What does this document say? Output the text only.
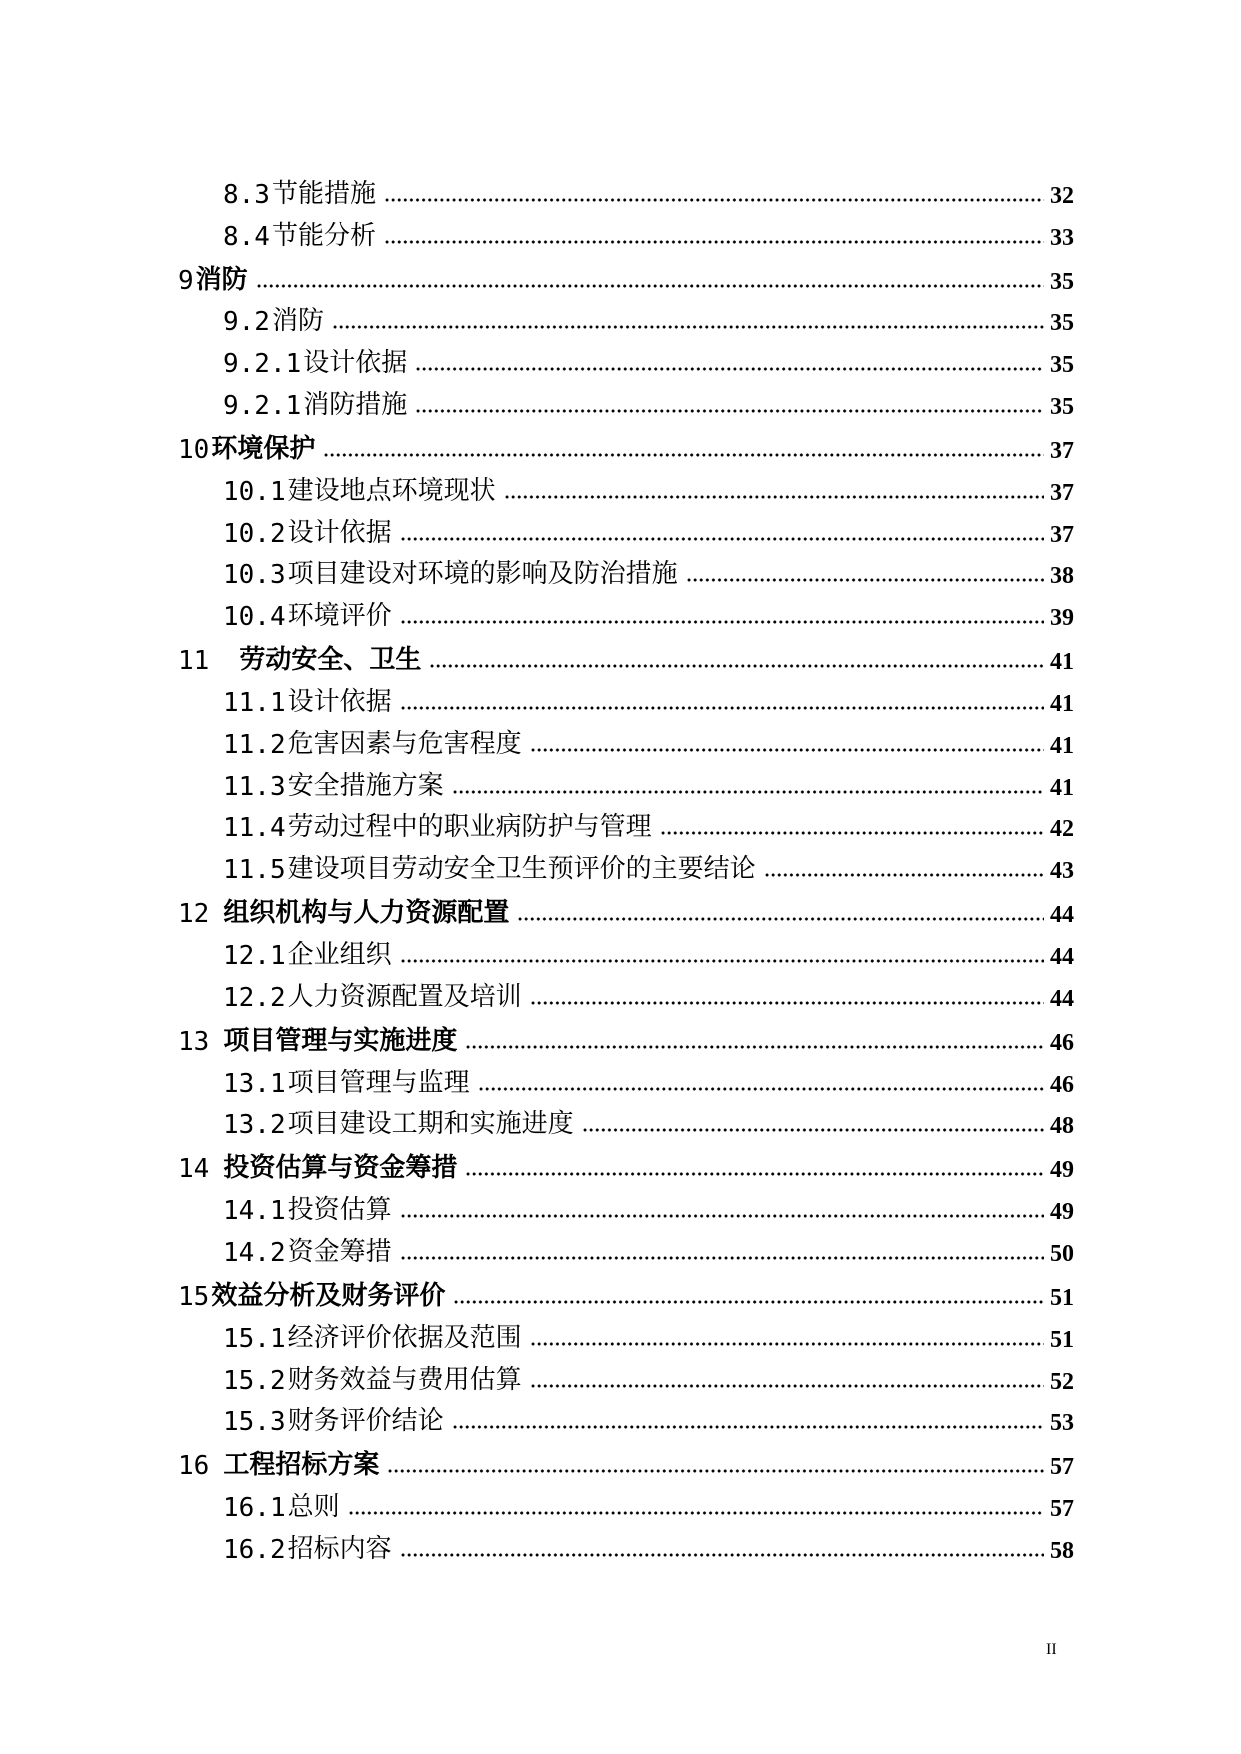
8.3 节能措施	32
8.4 节能分析	33
9 消防	35
9.2 消防	35
9.2.1 设计依据	35
9.2.1 消防措施	35
10 环境保护	37
10.1 建设地点环境现状	37
10.2 设计依据	37
10.3 项目建设对环境的影响及防治措施	38
10.4 环境评价	39
11	劳动安全、卫生	41
11.1 设计依据	41
11.2 危害因素与危害程度	41
11.3 安全措施方案	41
11.4 劳动过程中的职业病防护与管理	42
11.5 建设项目劳动安全卫生预评价的主要结论	43
12 组织机构与人力资源配置	44
12.1 企业组织	44
12.2 人力资源配置及培训	44
13 项目管理与实施进度	46
13.1 项目管理与监理	46
13.2 项目建设工期和实施进度	48
14 投资估算与资金筹措	49
14.1 投资估算	49
14.2 资金筹措	50
15 效益分析及财务评价	51
15.1 经济评价依据及范围	51
15.2 财务效益与费用估算	52
15.3 财务评价结论	53
16 工程招标方案	57
16.1 总则	57
16.2 招标内容	58
II
